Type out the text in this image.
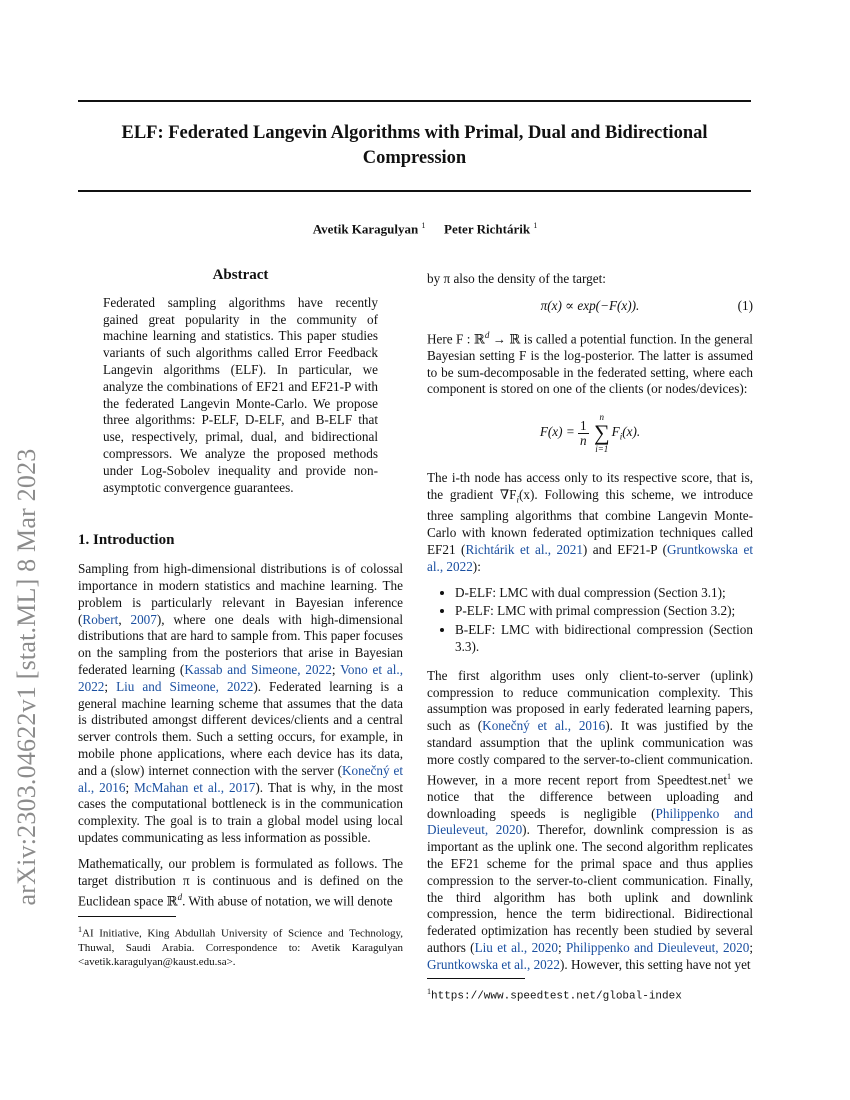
arXiv:2303.04622v1 [stat.ML] 8 Mar 2023
ELF: Federated Langevin Algorithms with Primal, Dual and Bidirectional Compression
Avetik Karagulyan $^1$ Peter Richtárik $^1$
Abstract

Federated sampling algorithms have recently gained great popularity in the community of machine learning and statistics. This paper studies variants of such algorithms called Error Feedback Langevin algorithms (ELF). In particular, we analyze the combinations of EF21 and EF21-P with the federated Langevin Monte-Carlo. We propose three algorithms: P-ELF, D-ELF, and B-ELF that use, respectively, primal, dual, and bidirectional compressors. We analyze the proposed methods under Log-Sobolev inequality and provide non-asymptotic convergence guarantees.

1. Introduction

Sampling from high-dimensional distributions is of colossal importance in modern statistics and machine learning. The problem is particularly relevant in Bayesian inference (Robert, 2007), where one deals with high-dimensional distributions that are hard to sample from. This paper focuses on the sampling from the posteriors that arise in Bayesian federated learning (Kassab and Simeone, 2022; Vono et al., 2022; Liu and Simeone, 2022). Federated learning is a general machine learning scheme that assumes that the data is distributed amongst different devices/clients and a central server controls them. Such a setting occurs, for example, in mobile phone applications, where each device has its data, and a (slow) internet connection with the server (Konečný et al., 2016; McMahan et al., 2017). That is why, in the most cases the computational bottleneck is in the communication complexity. The goal is to train a global model using local updates communicating as less information as possible.

Mathematically, our problem is formulated as follows. The target distribution π is continuous and is defined on the Euclidean space ℝ$^d$. With abuse of notation, we will denote

$^1$AI Initiative, King Abdullah University of Science and Technology, Thuwal, Saudi Arabia. Correspondence to: Avetik Karagulyan <avetik.karagulyan@kaust.edu.sa>.

by π also the density of the target:

π(x) ∝ exp(−F(x)).	(1)

Here F : ℝ$^d$ → ℝ is called a potential function. In the general Bayesian setting F is the log-posterior. The latter is assumed to be sum-decomposable in the federated setting, where each component is stored on one of the clients (or nodes/devices):

$F(x) = \frac{1}{n}$

n
∑
i=1
$F_i(x)$.

The i-th node has access only to its respective score, that is, the gradient $\nabla F_i(x)$. Following this scheme, we introduce three sampling algorithms that combine Langevin Monte-Carlo with known federated optimization techniques called EF21 (Richtárik et al., 2021) and EF21-P (Gruntkowska et al., 2022):

• D-ELF: LMC with dual compression (Section 3.1);
• P-ELF: LMC with primal compression (Section 3.2);
• B-ELF: LMC with bidirectional compression (Section 3.3).

The first algorithm uses only client-to-server (uplink) compression to reduce communication complexity. This assumption was proposed in early federated learning papers, such as (Konečný et al., 2016). It was justified by the standard assumption that the uplink communication was more costly compared to the server-to-client communication. However, in a more recent report from Speedtest.net$^1$ we notice that the difference between uploading and downloading speeds is negligible (Philippenko and Dieuleveut, 2020). Therefor, downlink compression is as important as the uplink one. The second algorithm replicates the EF21 scheme for the primal space and thus applies compression to the server-to-client communication. Finally, the third algorithm has both uplink and downlink compression, hence the term bidirectional. Bidirectional federated optimization has recently been studied by several authors (Liu et al., 2020; Philippenko and Dieuleveut, 2020; Gruntkowska et al., 2022). However, this setting have not yet

$^1$https://www.speedtest.net/global-index
